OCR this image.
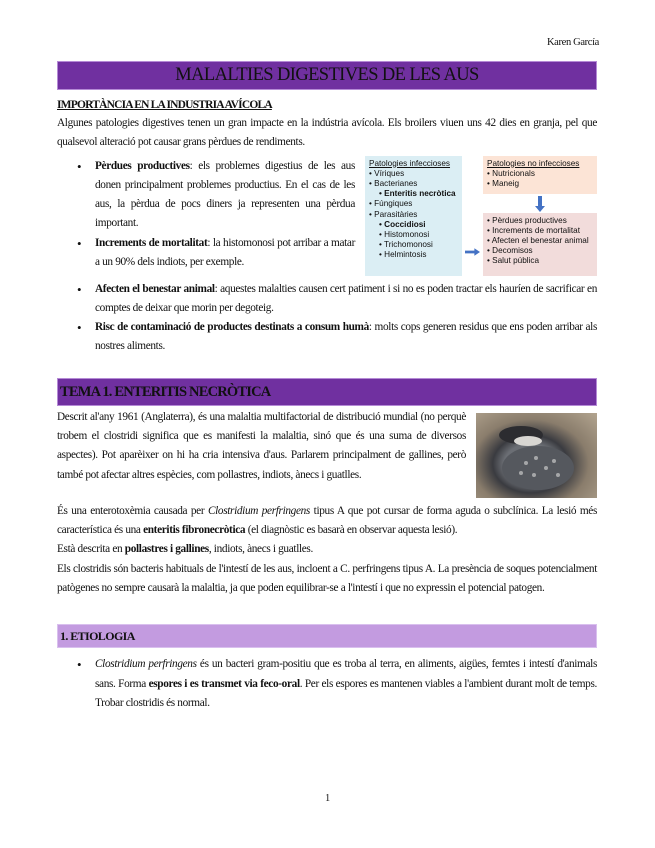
Karen García
MALALTIES DIGESTIVES DE LES AUS
IMPORTÀNCIA EN LA INDUSTRIA AVÍCOLA

Algunes patologies digestives tenen un gran impacte en la indústria avícola. Els broilers viuen uns 42 dies en granja, pel que qualsevol alteració pot causar grans pèrdues de rendiments.

Patologies infeccioses
• Víriques
• Bacterianes
• Enteritis necròtica
• Fúngiques
• Parasitàries
• Coccidiosi
• Histomonosi
• Trichomonosi
• Helmintosis
Patologies no infeccioses
• Nutricionals
• Maneig
• Pèrdues productives
• Increments de mortalitat
• Afecten el benestar animal
• Decomisos
• Salut pública
• Pèrdues productives: els problemes digestius de les aus donen principalment problemes productius. En el cas de les aus, la pèrdua de pocs diners ja representen una pèrdua important.
• Increments de mortalitat: la histomonosi pot arribar a matar a un 90% dels indiots, per exemple.
• Afecten el benestar animal: aquestes malalties causen cert patiment i si no es poden tractar els hauríen de sacrificar en comptes de deixar que morin per degoteig.
• Risc de contaminació de productes destinats a consum humà: molts cops generen residus que ens poden arribar als nostres aliments.
TEMA 1. ENTERITIS NECRÒTICA

Descrit al'any 1961 (Anglaterra), és una malaltia multifactorial de distribució mundial (no perquè trobem el clostridi significa que es manifesti la malaltia, sinó que és una suma de diversos aspectes). Pot aparèixer on hi ha cria intensiva d'aus. Parlarem principalment de gallines, però també pot afectar altres espècies, com pollastres, indiots, ànecs i guatlles.

És una enterotoxèmia causada per Clostridium perfringens tipus A que pot cursar de forma aguda o subclínica. La lesió més característica és una enteritis fibronecròtica (el diagnòstic es basarà en observar aquesta lesió).

Està descrita en pollastres i gallines, indiots, ànecs i guatlles.

Els clostridis són bacteris habituals de l'intestí de les aus, incloent a C. perfringens tipus A. La presència de soques potencialment patògenes no sempre causarà la malaltia, ja que poden equilibrar-se a l'intestí i que no expressin el potencial patogen.

1. ETIOLOGIA
• Clostridium perfringens és un bacteri gram-positiu que es troba al terra, en aliments, aigües, femtes i intestí d'animals sans. Forma espores i es transmet via feco-oral. Per els espores es mantenen viables a l'ambient durant molt de temps. Trobar clostridis és normal.
1
